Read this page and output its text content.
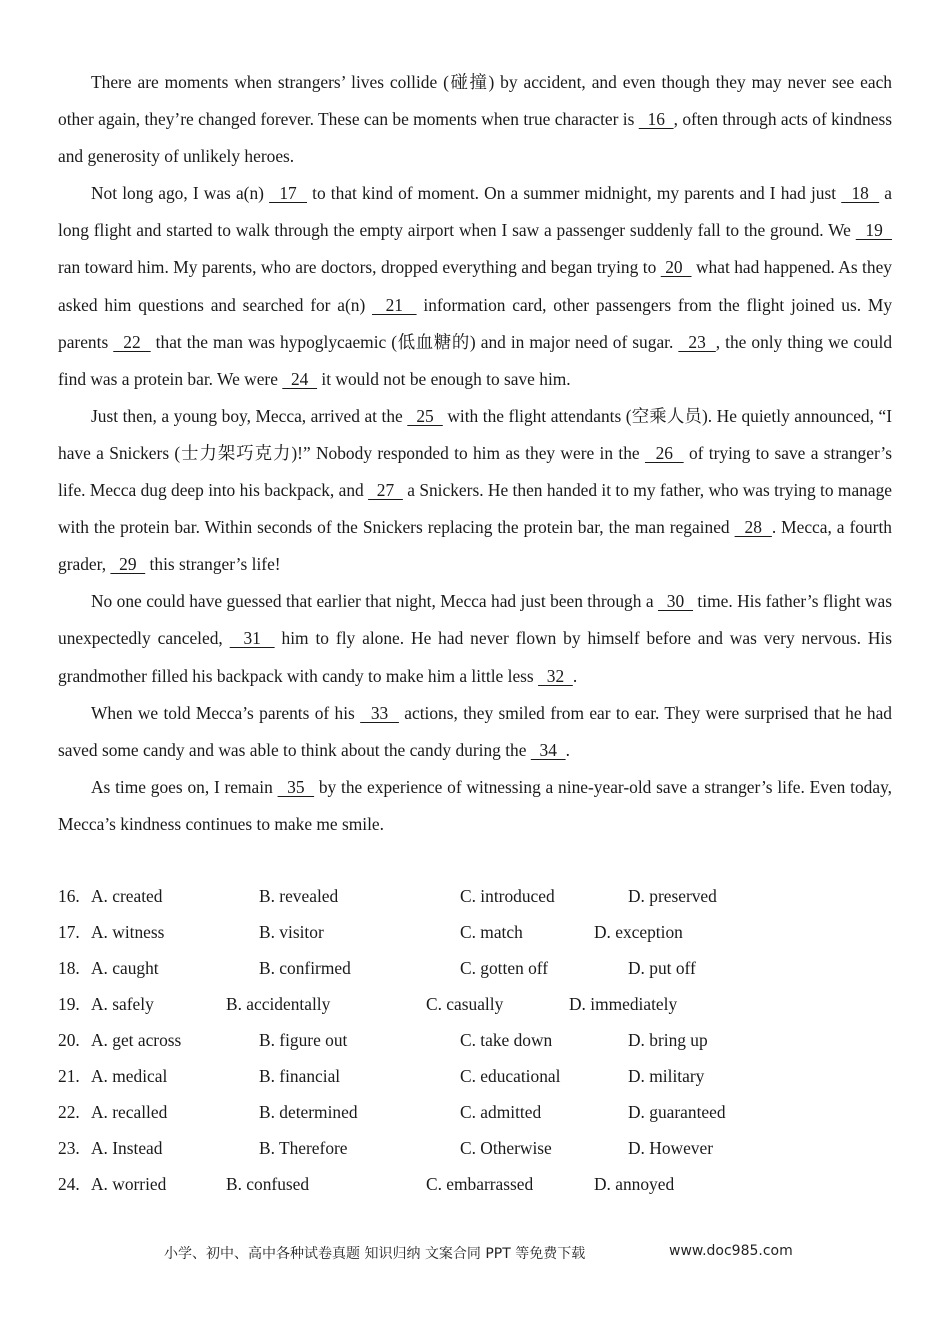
There are moments when strangers’ lives collide (碰撞) by accident, and even though they may never see each other again, they’re changed forever. These can be moments when true character is   16  , often through acts of kindness and generosity of unlikely heroes.

Not long ago, I was a(n)   17   to that kind of moment. On a summer midnight, my parents and I had just   18   a long flight and started to walk through the empty airport when I saw a passenger suddenly fall to the ground. We   19   ran toward him. My parents, who are doctors, dropped everything and began trying to  20   what had happened. As they asked him questions and searched for a(n)   21   information card, other passengers from the flight joined us. My parents   22   that the man was hypoglycaemic (低血糖的) and in major need of sugar.   23  , the only thing we could find was a protein bar. We were   24   it would not be enough to save him.

Just then, a young boy, Mecca, arrived at the   25   with the flight attendants (空乘人员). He quietly announced, “I have a Snickers (士力架巧克力)!” Nobody responded to him as they were in the   26   of trying to save a stranger’s life. Mecca dug deep into his backpack, and   27   a Snickers. He then handed it to my father, who was trying to manage with the protein bar. Within seconds of the Snickers replacing the protein bar, the man regained   28  . Mecca, a fourth grader,   29   this stranger’s life!

No one could have guessed that earlier that night, Mecca had just been through a   30   time. His father’s flight was unexpectedly canceled,   31   him to fly alone. He had never flown by himself before and was very nervous. His grandmother filled his backpack with candy to make him a little less   32  .

When we told Mecca’s parents of his   33   actions, they smiled from ear to ear. They were surprised that he had saved some candy and was able to think about the candy during the   34  .

As time goes on, I remain   35   by the experience of witnessing a nine-year-old save a stranger’s life. Even today, Mecca’s kindness continues to make me smile.

16. A. created	B. revealed	C. introduced	D. preserved
17. A. witness	B. visitor	C. match	D. exception
18. A. caught	B. confirmed	C. gotten off	D. put off
19. A. safely	B. accidentally	C. casually	D. immediately
20. A. get across	B. figure out	C. take down	D. bring up
21. A. medical	B. financial	C. educational	D. military
22. A. recalled	B. determined	C. admitted	D. guaranteed
23. A. Instead	B. Therefore	C. Otherwise	D. However
24. A. worried	B. confused	C. embarrassed	D. annoyed
小学、初中、高中各种试卷真题 知识归纳 文案合同 PPT 等免费下载	www.doc985.com
